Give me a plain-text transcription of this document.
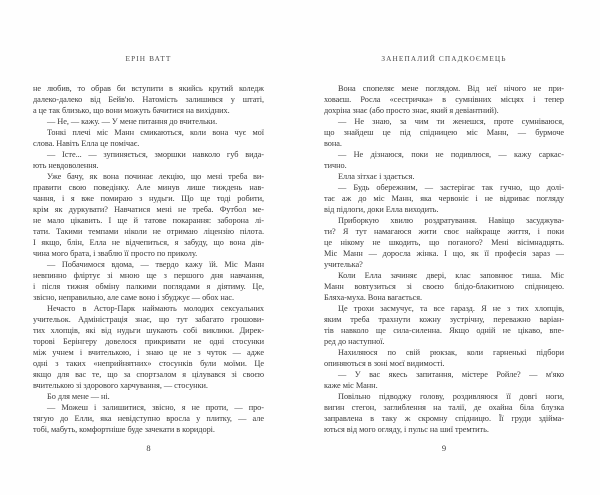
ЕРІН ВАТТ
не любив, то обрав би вступити в якийсь крутий коледж
далеко-далеко від Бейв'ю. Натомість залишився у штаті,
а це так близько, що вони можуть бачитися на вихідних.
— Не, — кажу. — У мене питання до вчительки.
Тонкі плечі міс Манн смикаються, коли вона чує мої
слова. Навіть Елла це помічає.
— Істе... — зупиняється, зморшки навколо губ вида-
ють невдоволення.
Уже бачу, як вона починає лекцію, що мені треба ви-
правити свою поведінку. Але минув лише тиждень нав-
чання, і я вже помираю з нудьги. Що ще тоді робити,
крім як дуркувати? Навчатися мені не треба. Футбол ме-
не мало цікавить. І ще й татове покарання: заборона лі-
тати. Такими темпами ніколи не отримаю ліцензію пілота.
І якщо, блін, Елла не відчепиться, я забуду, що вона дів-
чина мого брата, і зваблю її просто по приколу.
— Побачимося вдома, — твердо кажу їй. Міс Манн
невпинно фліртує зі мною ще з першого дня навчання,
і після тижня обміну палкими поглядами я діятиму. Це,
звісно, неправильно, але саме воно і збуджує — обох нас.
Нечасто в Астор-Парк наймають молодих сексуальних
учительок. Адміністрація знає, що тут забагато грошови-
тих хлопців, які від нудьги шукають собі виклики. Дирек-
торові Берінгеру довелося прикривати не одні стосунки
між учнем і вчителькою, і знаю це не з чуток — адже
одні з таких «неприйнятних» стосунків були моїми. Це
якщо для вас те, що за спортзалом я цілувався зі своєю
вчителькою зі здорового харчування, — стосунки.
Бо для мене — ні.
— Можеш і залишитися, звісно, я не проти, — про-
тягую до Елли, яка невідступно вросла у плитку, — але
тобі, мабуть, комфортніше буде зачекати в коридорі.
8
ЗАНЕПАЛИЙ СПАДКОЄМЕЦЬ
Вона спопеляє мене поглядом. Від неї нічого не при-
ховаєш. Росла «сестричка» в сумнівних місцях і тепер
дохріна знає (або просто знає, який я девіантний).
— Не знаю, за чим ти женешся, проте сумніваюся,
що знайдеш це під спідницею міс Манн, — бурмоче
вона.
— Не дізнаюся, поки не подивлюся, — кажу саркас-
тично.
Елла зітхає і здається.
— Будь обережним, — застерігає так гучно, що долі-
тає аж до міс Манн, яка червоніє і не відриває погляду
від підлоги, доки Елла виходить.
Приборкую хвилю роздратування. Навіщо засуджува-
ти? Я тут намагаюся жити своє найкраще життя, і поки
це нікому не шкодить, що поганого? Мені вісімнадцять.
Міс Манн — доросла жінка. І що, як її професія зараз —
учителька?
Коли Елла зачиняє двері, клас заповнює тиша. Міс
Манн вовтузиться зі своєю блідо-блакитною спідницею.
Бляха-муха. Вона вагається.
Це трохи засмучує, та все гаразд. Я не з тих хлопців,
яким треба трахнути кожну зустрічну, переважно варіан-
тів навколо ще сила-силенна. Якщо одній не цікаво, впе-
ред до наступної.
Нахиляюся по свій рюкзак, коли гарненькі підбори
опиняються в зоні моєї видимості.
— У вас якесь запитання, містере Ройле? — м'яко
каже міс Манн.
Повільно підводжу голову, роздивляюся її довгі ноги,
вигин стегон, заглиблення на талії, де охайна біла блузка
заправлена в таку ж скромну спідницю. Її груди здійма-
ються від мого огляду, і пульс на шиї тремтить.
9
